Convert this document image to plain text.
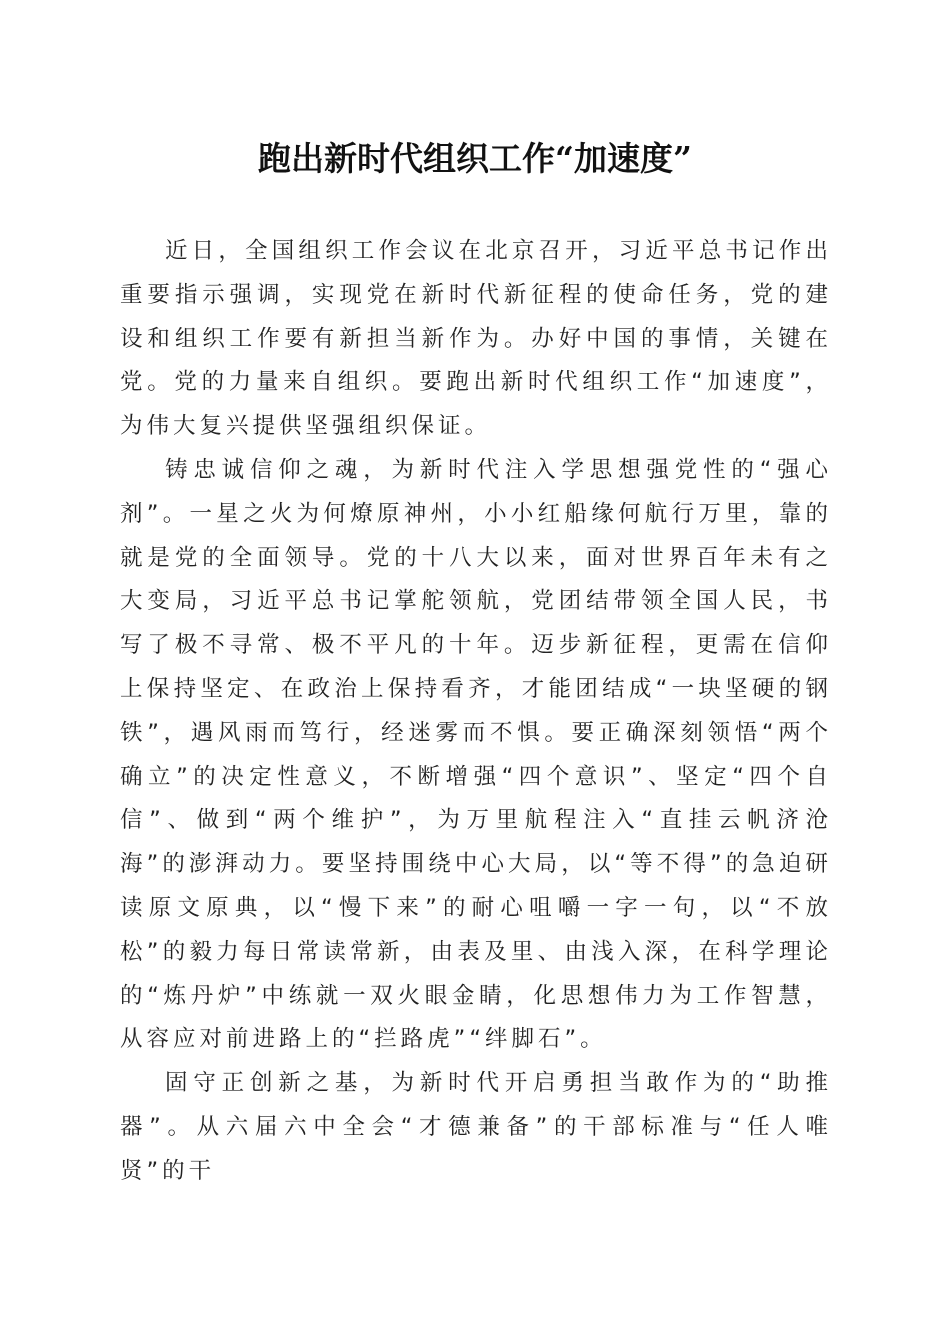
跑出新时代组织工作“加速度”

近日，全国组织工作会议在北京召开，习近平总书记作出重要指示强调，实现党在新时代新征程的使命任务，党的建设和组织工作要有新担当新作为。办好中国的事情，关键在党。党的力量来自组织。要跑出新时代组织工作“加速度”，为伟大复兴提供坚强组织保证。

铸忠诚信仰之魂，为新时代注入学思想强党性的“强心剂”。一星之火为何燎原神州，小小红船缘何航行万里，靠的就是党的全面领导。党的十八大以来，面对世界百年未有之大变局，习近平总书记掌舵领航，党团结带领全国人民，书写了极不寻常、极不平凡的十年。迈步新征程，更需在信仰上保持坚定、在政治上保持看齐，才能团结成“一块坚硬的钢铁”，遇风雨而笃行，经迷雾而不惧。要正确深刻领悟“两个确立”的决定性意义，不断增强“四个意识”、坚定“四个自信”、做到“两个维护”，为万里航程注入“直挂云帆济沧海”的澎湃动力。要坚持围绕中心大局，以“等不得”的急迫研读原文原典，以“慢下来”的耐心咀嚼一字一句，以“不放松”的毅力每日常读常新，由表及里、由浅入深，在科学理论的“炼丹炉”中练就一双火眼金睛，化思想伟力为工作智慧，从容应对前进路上的“拦路虎”“绊脚石”。

固守正创新之基，为新时代开启勇担当敢作为的“助推器”。从六届六中全会“才德兼备”的干部标准与“任人唯贤”的干
